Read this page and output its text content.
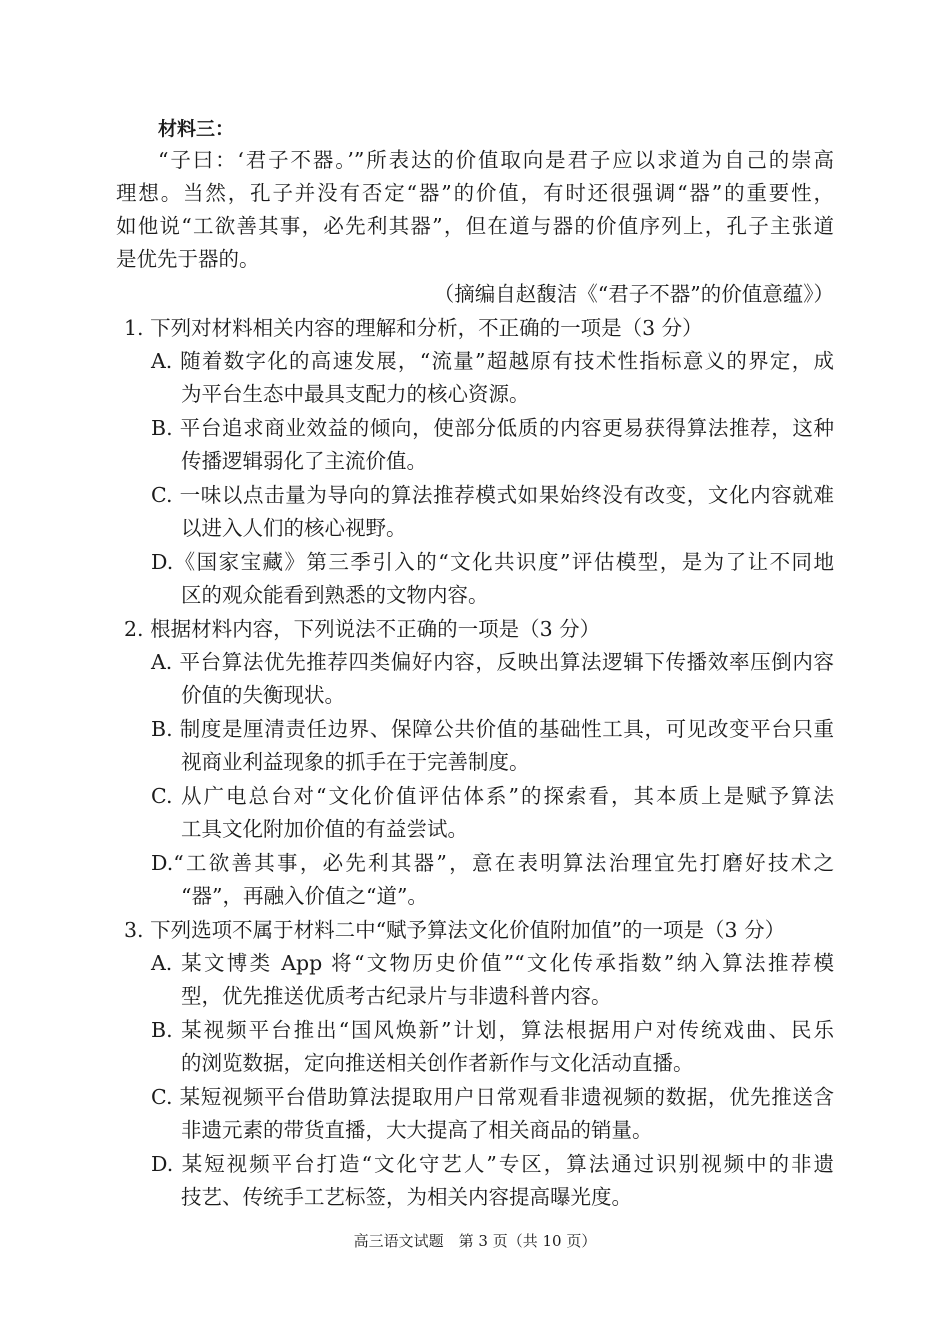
材料三：
“子曰：‘君子不器。’”所表达的价值取向是君子应以求道为自己的崇高
理想。当然，孔子并没有否定“器”的价值，有时还很强调“器”的重要性，
如他说“工欲善其事，必先利其器”，但在道与器的价值序列上，孔子主张道
是优先于器的。
（摘编自赵馥洁《“君子不器”的价值意蕴》）
1. 下列对材料相关内容的理解和分析，不正确的一项是（3 分）
A. 随着数字化的高速发展，“流量”超越原有技术性指标意义的界定，成
为平台生态中最具支配力的核心资源。
B. 平台追求商业效益的倾向，使部分低质的内容更易获得算法推荐，这种
传播逻辑弱化了主流价值。
C. 一味以点击量为导向的算法推荐模式如果始终没有改变，文化内容就难
以进入人们的核心视野。
D.《国家宝藏》第三季引入的“文化共识度”评估模型，是为了让不同地
区的观众能看到熟悉的文物内容。
2. 根据材料内容，下列说法不正确的一项是（3 分）
A. 平台算法优先推荐四类偏好内容，反映出算法逻辑下传播效率压倒内容
价值的失衡现状。
B. 制度是厘清责任边界、保障公共价值的基础性工具，可见改变平台只重
视商业利益现象的抓手在于完善制度。
C. 从广电总台对“文化价值评估体系”的探索看，其本质上是赋予算法
工具文化附加价值的有益尝试。
D.“工欲善其事，必先利其器”，意在表明算法治理宜先打磨好技术之
“器”，再融入价值之“道”。
3. 下列选项不属于材料二中“赋予算法文化价值附加值”的一项是（3 分）
A. 某文博类 App 将“文物历史价值”“文化传承指数”纳入算法推荐模
型，优先推送优质考古纪录片与非遗科普内容。
B. 某视频平台推出“国风焕新”计划，算法根据用户对传统戏曲、民乐
的浏览数据，定向推送相关创作者新作与文化活动直播。
C. 某短视频平台借助算法提取用户日常观看非遗视频的数据，优先推送含
非遗元素的带货直播，大大提高了相关商品的销量。
D. 某短视频平台打造“文化守艺人”专区，算法通过识别视频中的非遗
技艺、传统手工艺标签，为相关内容提高曝光度。
高三语文试题　第 3 页（共 10 页）
